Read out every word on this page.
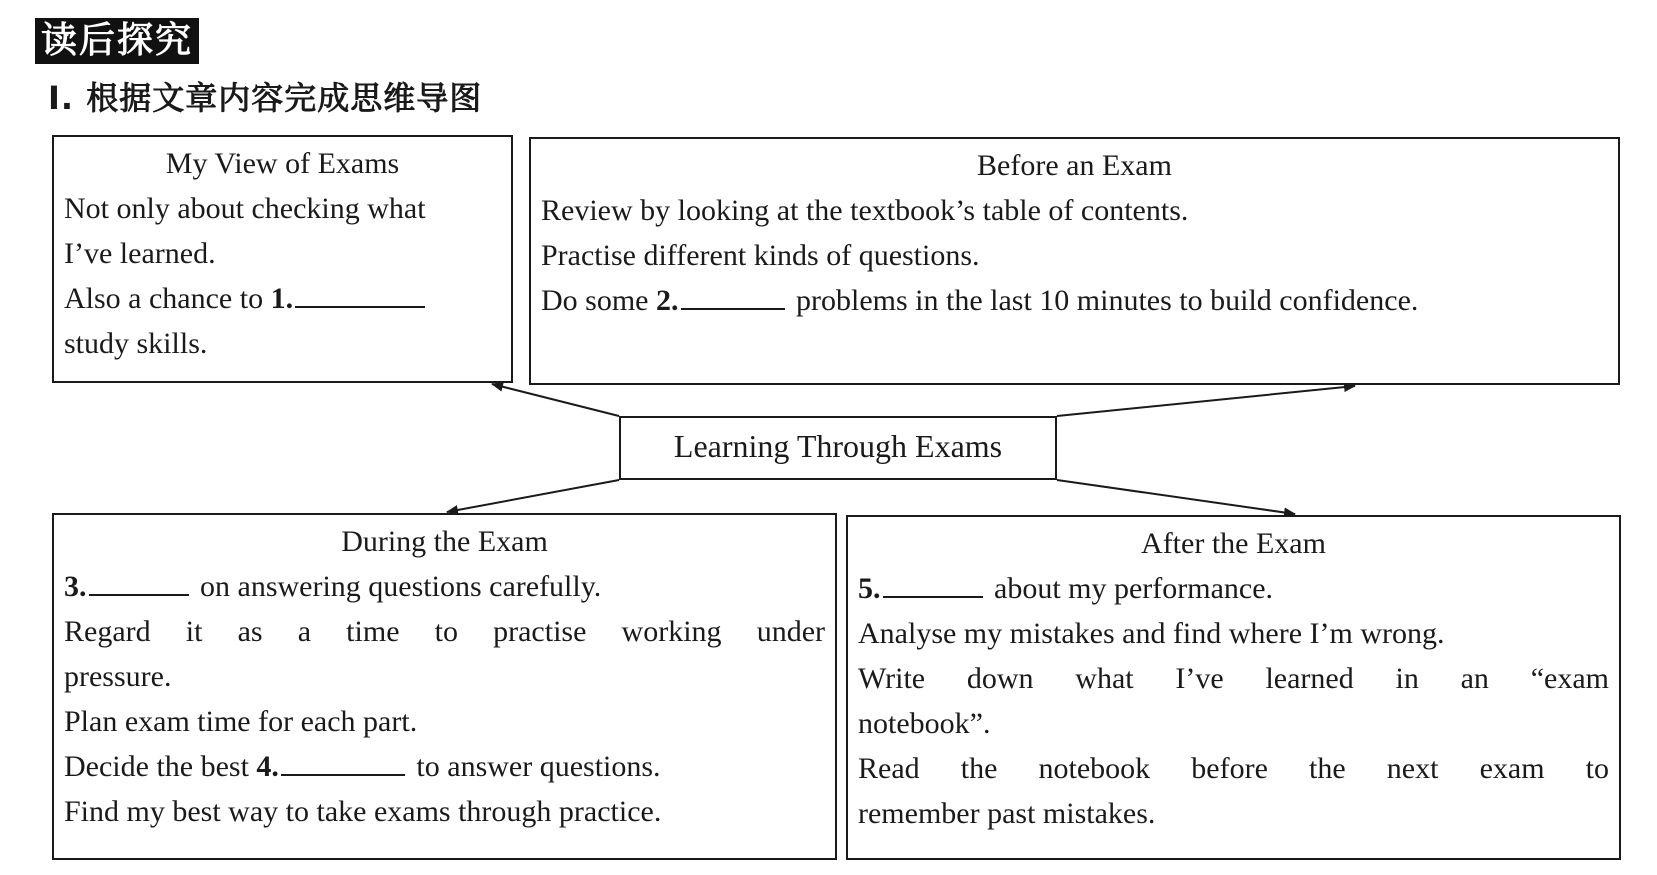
读后探究
Ⅰ. 根据文章内容完成思维导图
My View of Exams
Not only about checking what
I’ve learned.
Also a chance to 1.
study skills.
Before an Exam
Review by looking at the textbook’s table of contents.
Practise different kinds of questions.
Do some 2.	problems in the last 10 minutes to build confidence.
Learning Through Exams
During the Exam
3.	on answering questions carefully.
Regard it as a time to practise working under
pressure.
Plan exam time for each part.
Decide the best 4.	to answer questions.
Find my best way to take exams through practice.
After the Exam
5.	about my performance.
Analyse my mistakes and find where I’m wrong.
Write down what I’ve learned in an “exam
notebook”.
Read the notebook before the next exam to
remember past mistakes.
